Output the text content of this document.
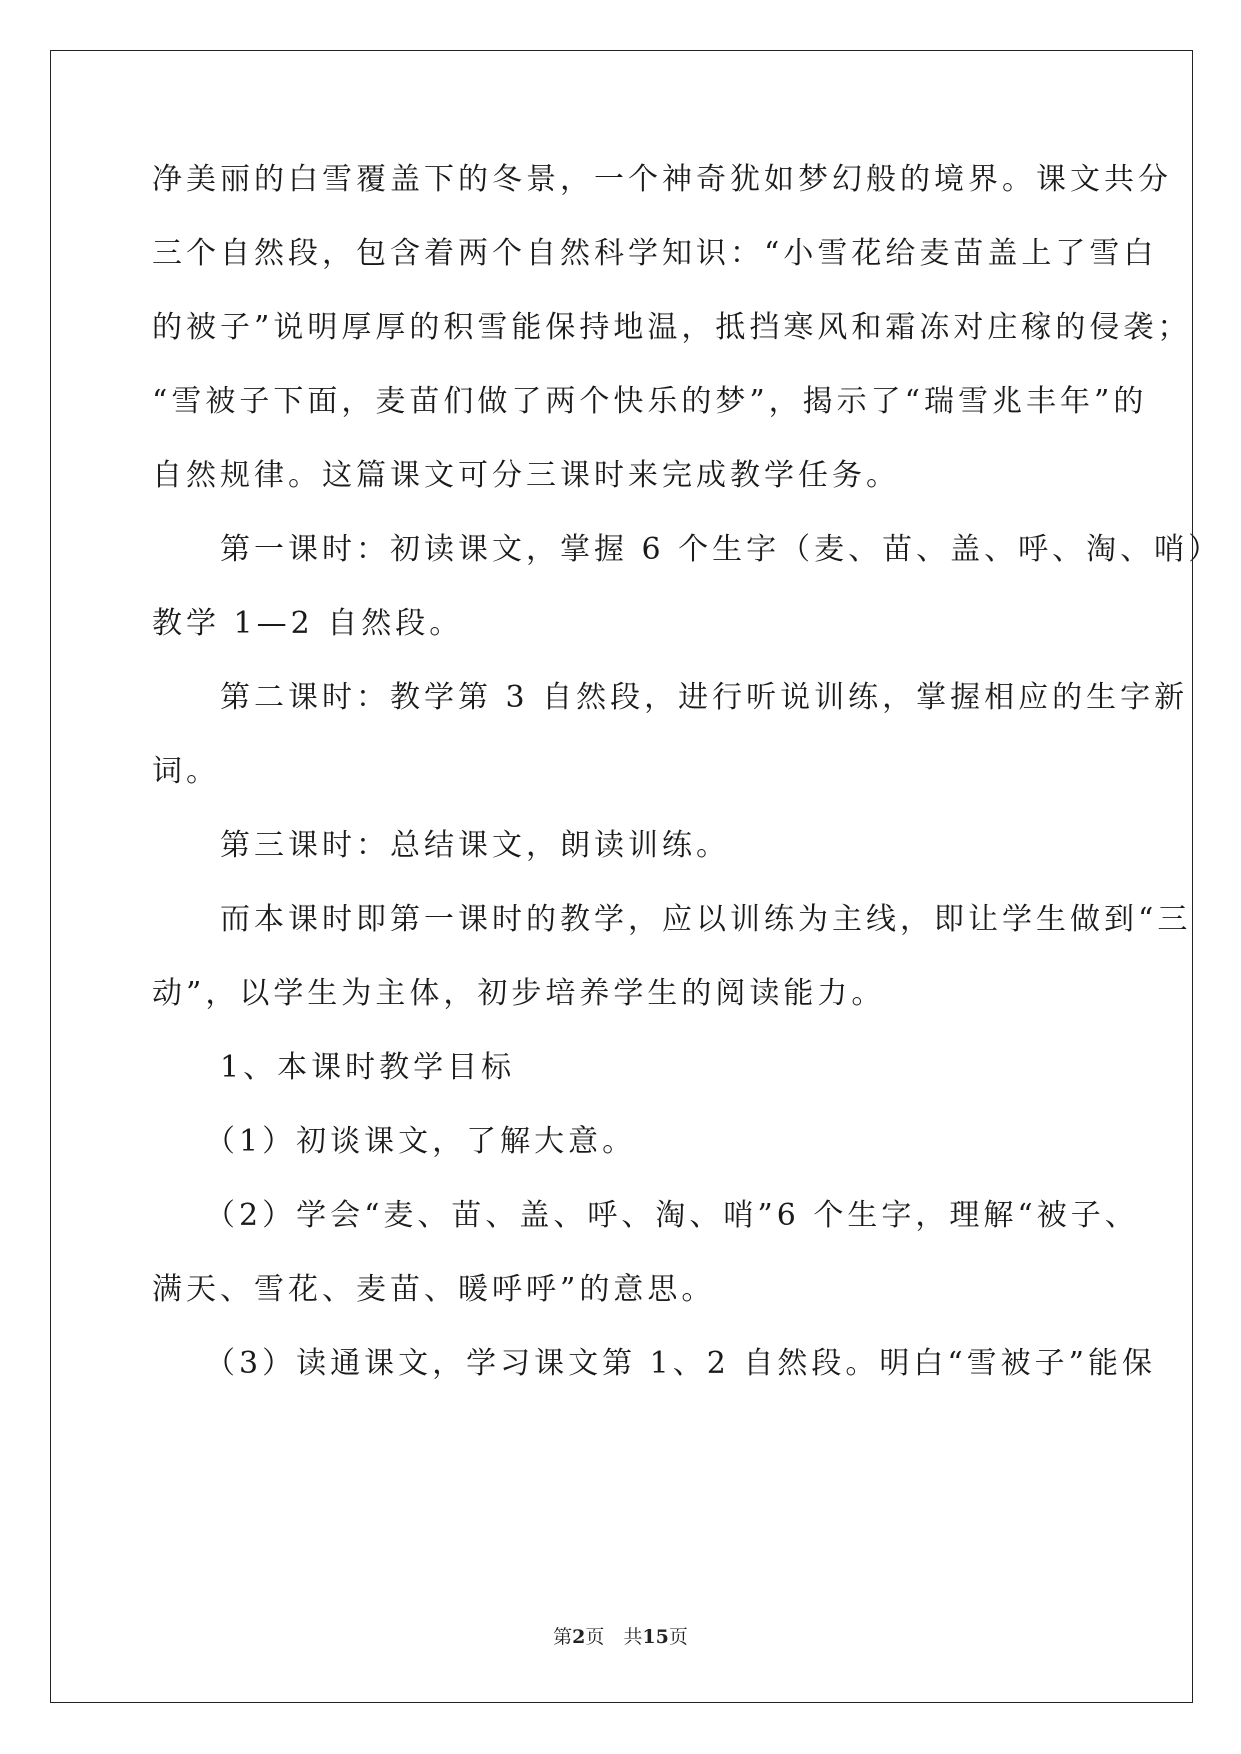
净美丽的白雪覆盖下的冬景，一个神奇犹如梦幻般的境界。课文共分
三个自然段，包含着两个自然科学知识：“小雪花给麦苗盖上了雪白
的被子”说明厚厚的积雪能保持地温，抵挡寒风和霜冻对庄稼的侵袭；
“雪被子下面，麦苗们做了两个快乐的梦”，揭示了“瑞雪兆丰年”的
自然规律。这篇课文可分三课时来完成教学任务。
　　第一课时：初读课文，掌握 6 个生字（麦、苗、盖、呼、淘、哨）
教学 1—2 自然段。
　　第二课时：教学第 3 自然段，进行听说训练，掌握相应的生字新
词。
　　第三课时：总结课文，朗读训练。
　　而本课时即第一课时的教学，应以训练为主线，即让学生做到“三
动”，以学生为主体，初步培养学生的阅读能力。
　　1、本课时教学目标
　　（1）初谈课文，了解大意。
　　（2）学会“麦、苗、盖、呼、淘、哨”6 个生字，理解“被子、
满天、雪花、麦苗、暖呼呼”的意思。
　　（3）读通课文，学习课文第 1、2 自然段。明白“雪被子”能保
第2页　共15页
